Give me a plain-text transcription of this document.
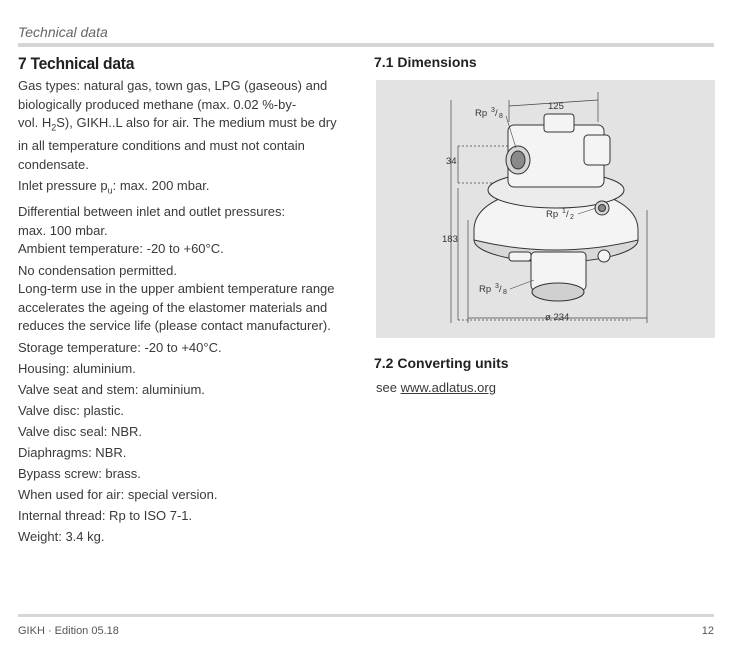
Technical data
7 Technical data
Gas types: natural gas, town gas, LPG (gaseous) and
biologically produced methane (max. 0.02 %-by-
vol. $H_2S$), GIKH..L also for air. The medium must be dry
in all temperature conditions and must not contain
condensate.
Inlet pressure $p_u$: max. 200 mbar.
Differential between inlet and outlet pressures:
max. 100 mbar.
Ambient temperature: -20 to +60°C.
No condensation permitted.
Long-term use in the upper ambient temperature range
accelerates the ageing of the elastomer materials and
reduces the service life (please contact manufacturer).
Storage temperature: -20 to +40°C.
Housing: aluminium.
Valve seat and stem: aluminium.
Valve disc: plastic.
Valve disc seal: NBR.
Diaphragms: NBR.
Bypass screw: brass.
When used for air: special version.
Internal thread: Rp to ISO 7-1.
Weight: 3.4 kg.
7.1 Dimensions
125
34
183
ø 234
Rp 3 / 8
Rp 1 / 2
Rp 3 / 8
7.2 Converting units
see www.adlatus.org
GIKH · Edition 05.18	12
